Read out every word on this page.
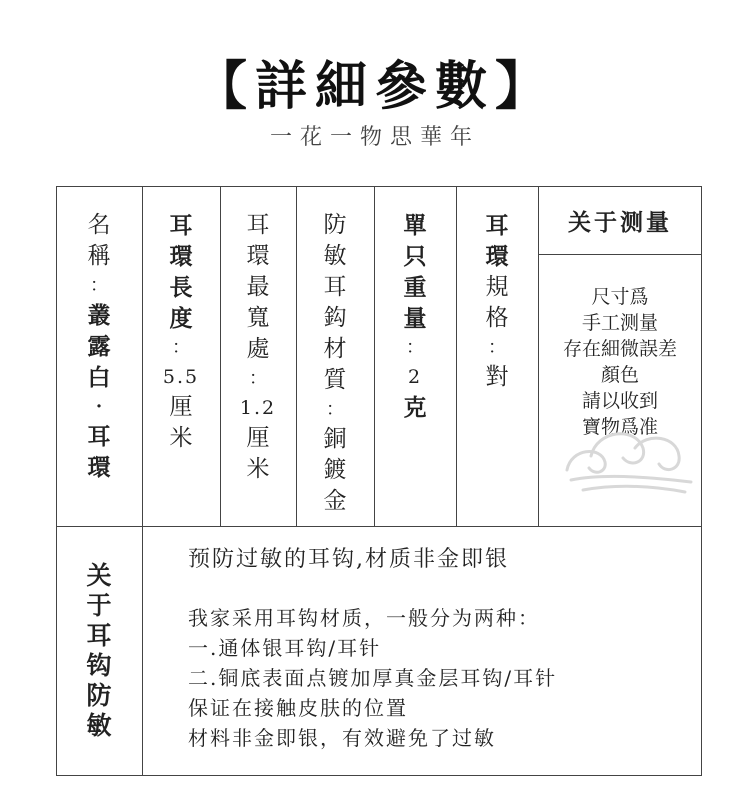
【詳細參數】
一花一物思華年
名
稱
：
叢
露
白
·
耳
環
耳
環
長
度
：
5.5
厘
米
耳
環
最
寬
處
：
1.2
厘
米
防
敏
耳
鈎
材
質
：
銅
鍍
金
單
只
重
量
：
2
克
耳
環
規
格
：
對
关于测量
尺寸爲
手工测量
存在細微誤差
顏色
請以收到
寶物爲准
关
于
耳
钩
防
敏
预防过敏的耳钩,材质非金即银
我家采用耳钩材质，一般分为两种：
一.通体银耳钩/耳针
二.铜底表面点镀加厚真金层耳钩/耳针
保证在接触皮肤的位置
材料非金即银，有效避免了过敏
